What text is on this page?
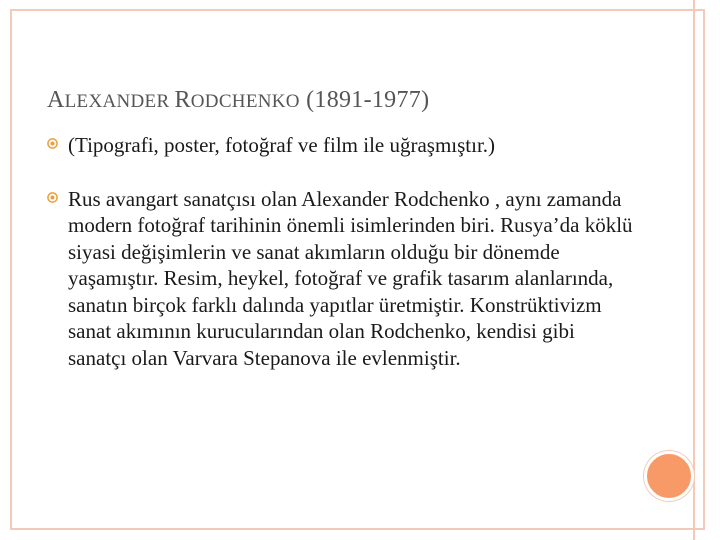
ALEXANDER RODCHENKO (1891-1977)
(Tipografi, poster, fotoğraf ve film ile uğraşmıştır.)
Rus avangart sanatçısı olan Alexander Rodchenko , aynı zamanda modern fotoğraf tarihinin önemli isimlerinden biri. Rusya’da köklü siyasi değişimlerin ve sanat akımların olduğu bir dönemde yaşamıştır. Resim, heykel, fotoğraf ve grafik tasarım alanlarında, sanatın birçok farklı dalında yapıtlar üretmiştir. Konstrüktivizm sanat akımının kurucularından olan Rodchenko, kendisi gibi sanatçı olan Varvara Stepanova ile evlenmiştir.
